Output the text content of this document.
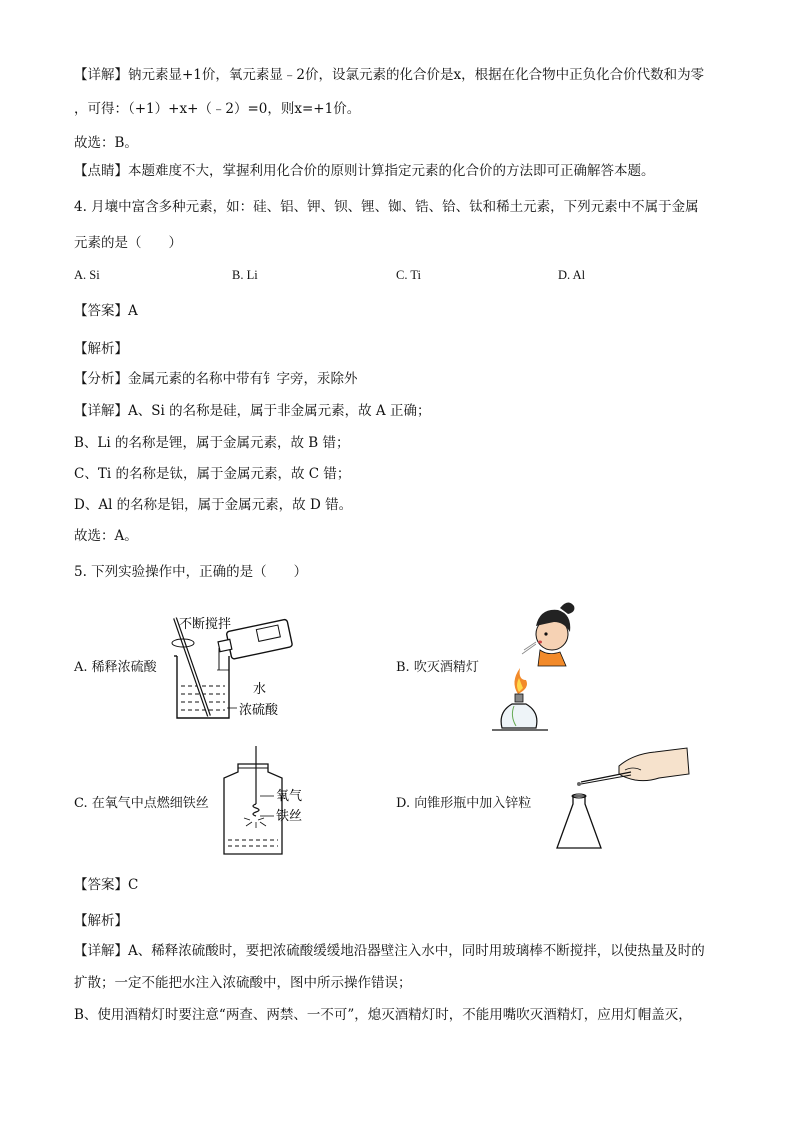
【详解】钠元素显+1价，氧元素显﹣2价，设氯元素的化合价是x，根据在化合物中正负化合价代数和为零
，可得：（+1）+x+（﹣2）=0，则x=+1价。
故选：B。
【点睛】本题难度不大，掌握利用化合价的原则计算指定元素的化合价的方法即可正确解答本题。
4. 月壤中富含多种元素，如：硅、铝、钾、钡、锂、铷、锆、铪、钛和稀土元素，下列元素中不属于金属
元素的是（　　）
A. Si	B. Li	C. Ti	D. Al
【答案】A
【解析】
【分析】金属元素的名称中带有钅字旁，汞除外
【详解】A、Si 的名称是硅，属于非金属元素，故 A 正确；
B、Li 的名称是锂，属于金属元素，故 B 错；
C、Ti 的名称是钛，属于金属元素，故 C 错；
D、Al 的名称是铝，属于金属元素，故 D 错。
故选：A。
5. 下列实验操作中，正确的是（　　）
A. 稀释浓硫酸	B. 吹灭酒精灯
C. 在氧气中点燃细铁丝	D. 向锥形瓶中加入锌粒
不断搅拌
水
浓硫酸
氧气
铁丝
【答案】C
【解析】
【详解】A、稀释浓硫酸时，要把浓硫酸缓缓地沿器壁注入水中，同时用玻璃棒不断搅拌，以使热量及时的
扩散；一定不能把水注入浓硫酸中，图中所示操作错误；
B、使用酒精灯时要注意“两查、两禁、一不可”，熄灭酒精灯时，不能用嘴吹灭酒精灯，应用灯帽盖灭，
